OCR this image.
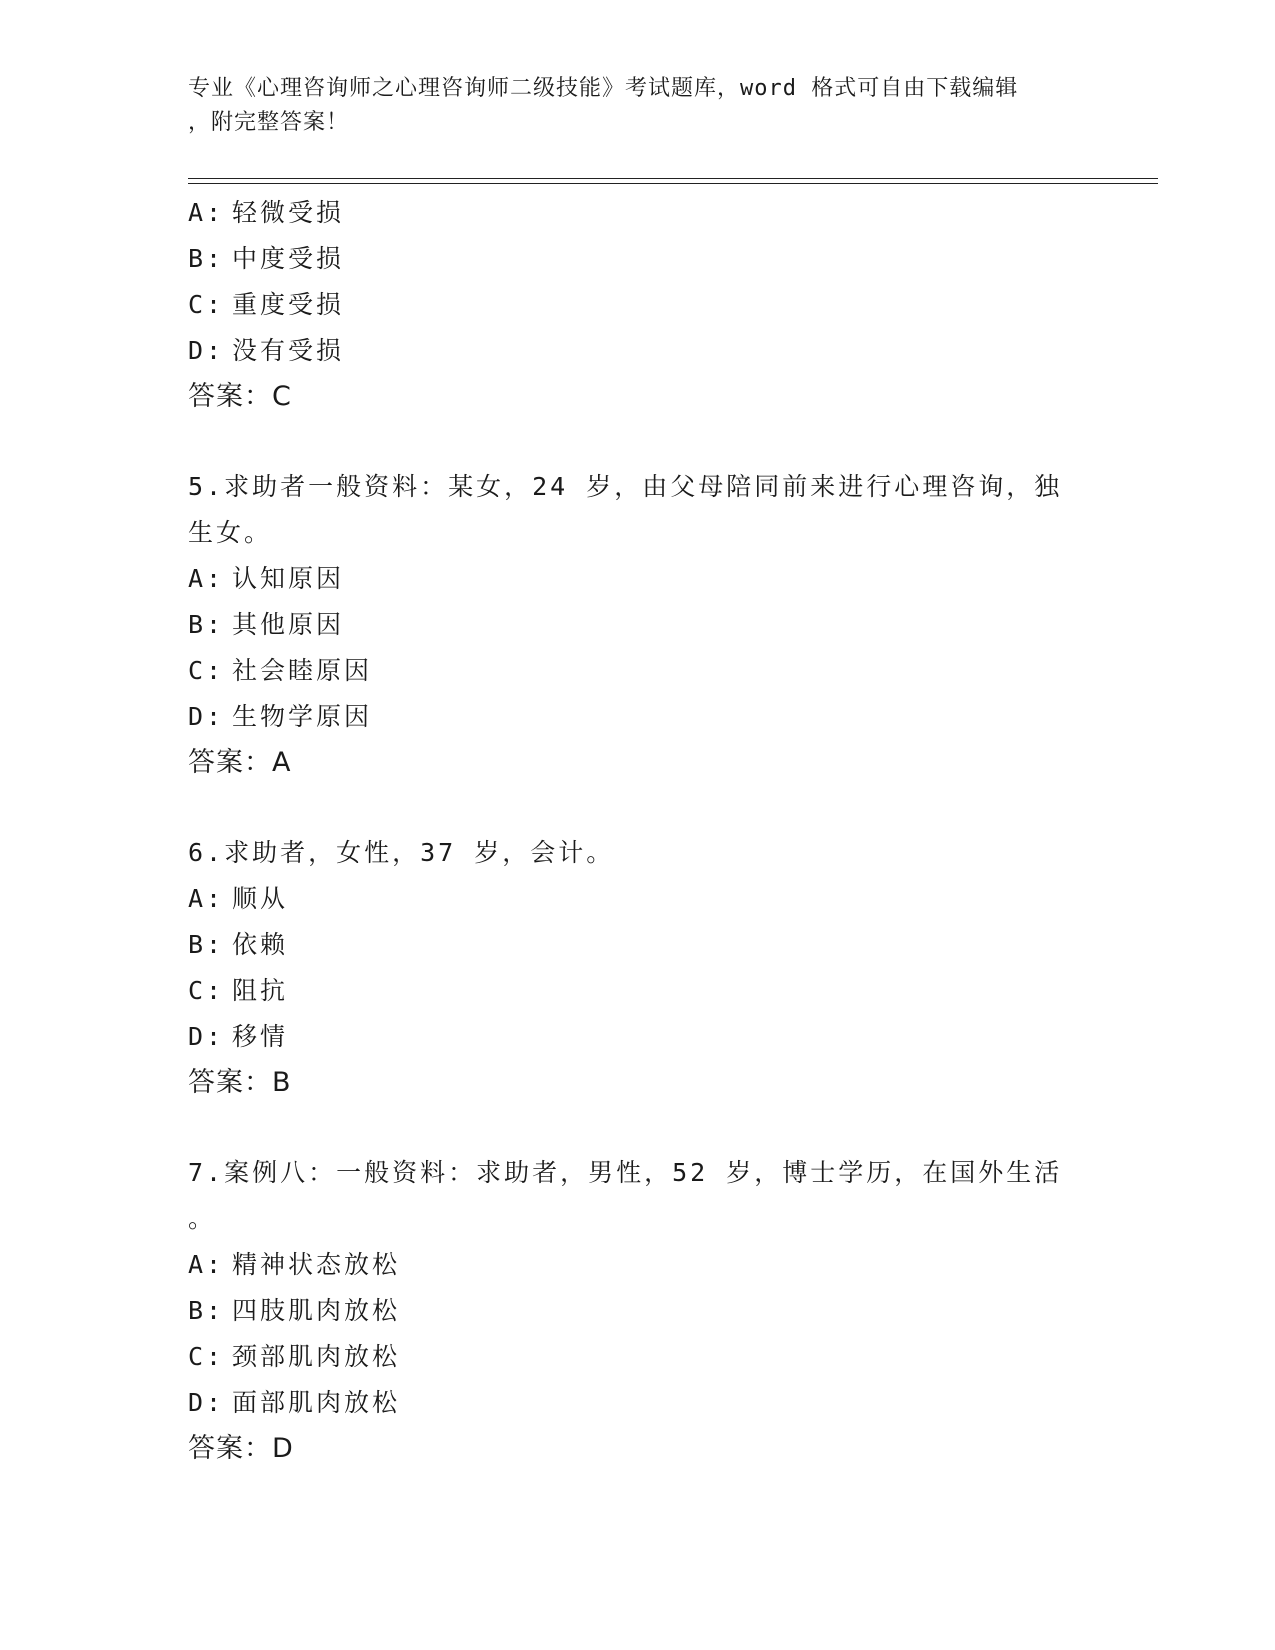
专业《心理咨询师之心理咨询师二级技能》考试题库，word 格式可自由下载编辑
，附完整答案！
A: 轻微受损
B: 中度受损
C: 重度受损
D: 没有受损
答案：C
5.求助者一般资料：某女，24 岁，由父母陪同前来进行心理咨询，独
生女。
A: 认知原因
B: 其他原因
C: 社会睦原因
D: 生物学原因
答案：A
6.求助者，女性，37 岁，会计。
A: 顺从
B: 依赖
C: 阻抗
D: 移情
答案：B
7.案例八：一般资料：求助者，男性，52 岁，博士学历，在国外生活
。
A: 精神状态放松
B: 四肢肌肉放松
C: 颈部肌肉放松
D: 面部肌肉放松
答案：D
